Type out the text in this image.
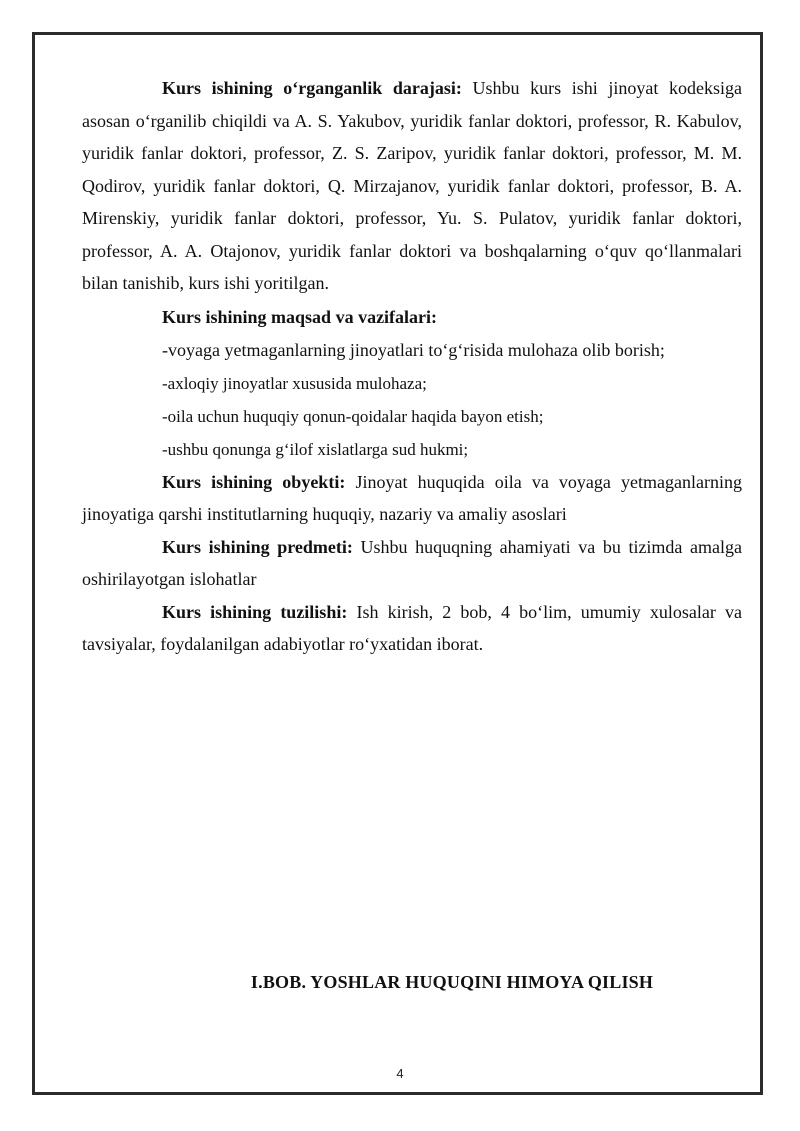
Kurs ishining o‘rganganlik darajasi: Ushbu kurs ishi jinoyat kodeksiga asosan o‘rganilib chiqildi va A. S. Yakubov, yuridik fanlar doktori, professor, R. Kabulov, yuridik fanlar doktori, professor, Z. S. Zaripov, yuridik fanlar doktori, professor, M. M. Qodirov, yuridik fanlar doktori, Q. Mirzajanov, yuridik fanlar doktori, professor, B. A. Mirenskiy, yuridik fanlar doktori, professor, Yu. S. Pulatov, yuridik fanlar doktori, professor, A. A. Otajonov, yuridik fanlar doktori va boshqalarning o‘quv qo‘llanmalari bilan tanishib, kurs ishi yoritilgan.

Kurs ishining maqsad va vazifalari:

-voyaga yetmaganlarning jinoyatlari to‘g‘risida mulohaza olib borish;

-axloqiy jinoyatlar xususida mulohaza;

-oila uchun huquqiy qonun-qoidalar haqida bayon etish;

-ushbu qonunga g‘ilof xislatlarga sud hukmi;

Kurs ishining obyekti: Jinoyat huquqida oila va voyaga yetmaganlarning jinoyatiga qarshi institutlarning huquqiy, nazariy va amaliy asoslari

Kurs ishining predmeti: Ushbu huquqning ahamiyati va bu tizimda amalga oshirilayotgan islohatlar

Kurs ishining tuzilishi: Ish kirish, 2 bob, 4 bo‘lim, umumiy xulosalar va tavsiyalar, foydalanilgan adabiyotlar ro‘yxatidan iborat.

I.BOB. YOSHLAR HUQUQINI HIMOYA QILISH
4
